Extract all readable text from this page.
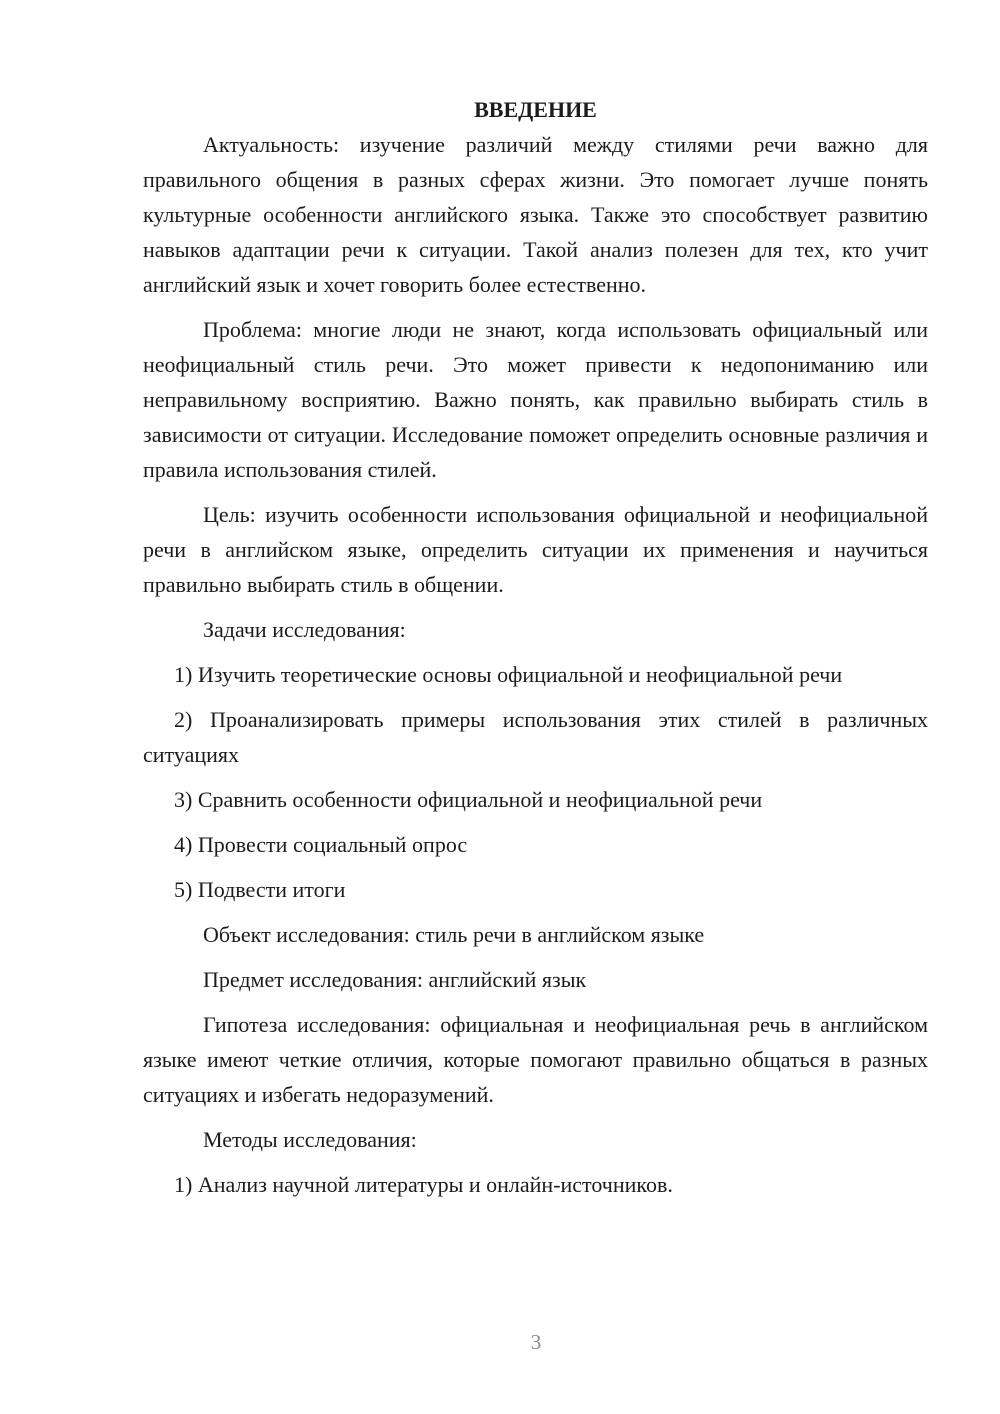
ВВЕДЕНИЕ

Актуальность: изучение различий между стилями речи важно для правильного общения в разных сферах жизни. Это помогает лучше понять культурные особенности английского языка. Также это способствует развитию навыков адаптации речи к ситуации. Такой анализ полезен для тех, кто учит английский язык и хочет говорить более естественно.

Проблема: многие люди не знают, когда использовать официальный или неофициальный стиль речи. Это может привести к недопониманию или неправильному восприятию. Важно понять, как правильно выбирать стиль в зависимости от ситуации. Исследование поможет определить основные различия и правила использования стилей.

Цель: изучить особенности использования официальной и неофициальной речи в английском языке, определить ситуации их применения и научиться правильно выбирать стиль в общении.

Задачи исследования:

1) Изучить теоретические основы официальной и неофициальной речи

2) Проанализировать примеры использования этих стилей в различных ситуациях

3) Сравнить особенности официальной и неофициальной речи

4) Провести социальный опрос

5) Подвести итоги

Объект исследования: стиль речи в английском языке

Предмет исследования: английский язык

Гипотеза исследования: официальная и неофициальная речь в английском языке имеют четкие отличия, которые помогают правильно общаться в разных ситуациях и избегать недоразумений.

Методы исследования:

1) Анализ научной литературы и онлайн-источников.

3
